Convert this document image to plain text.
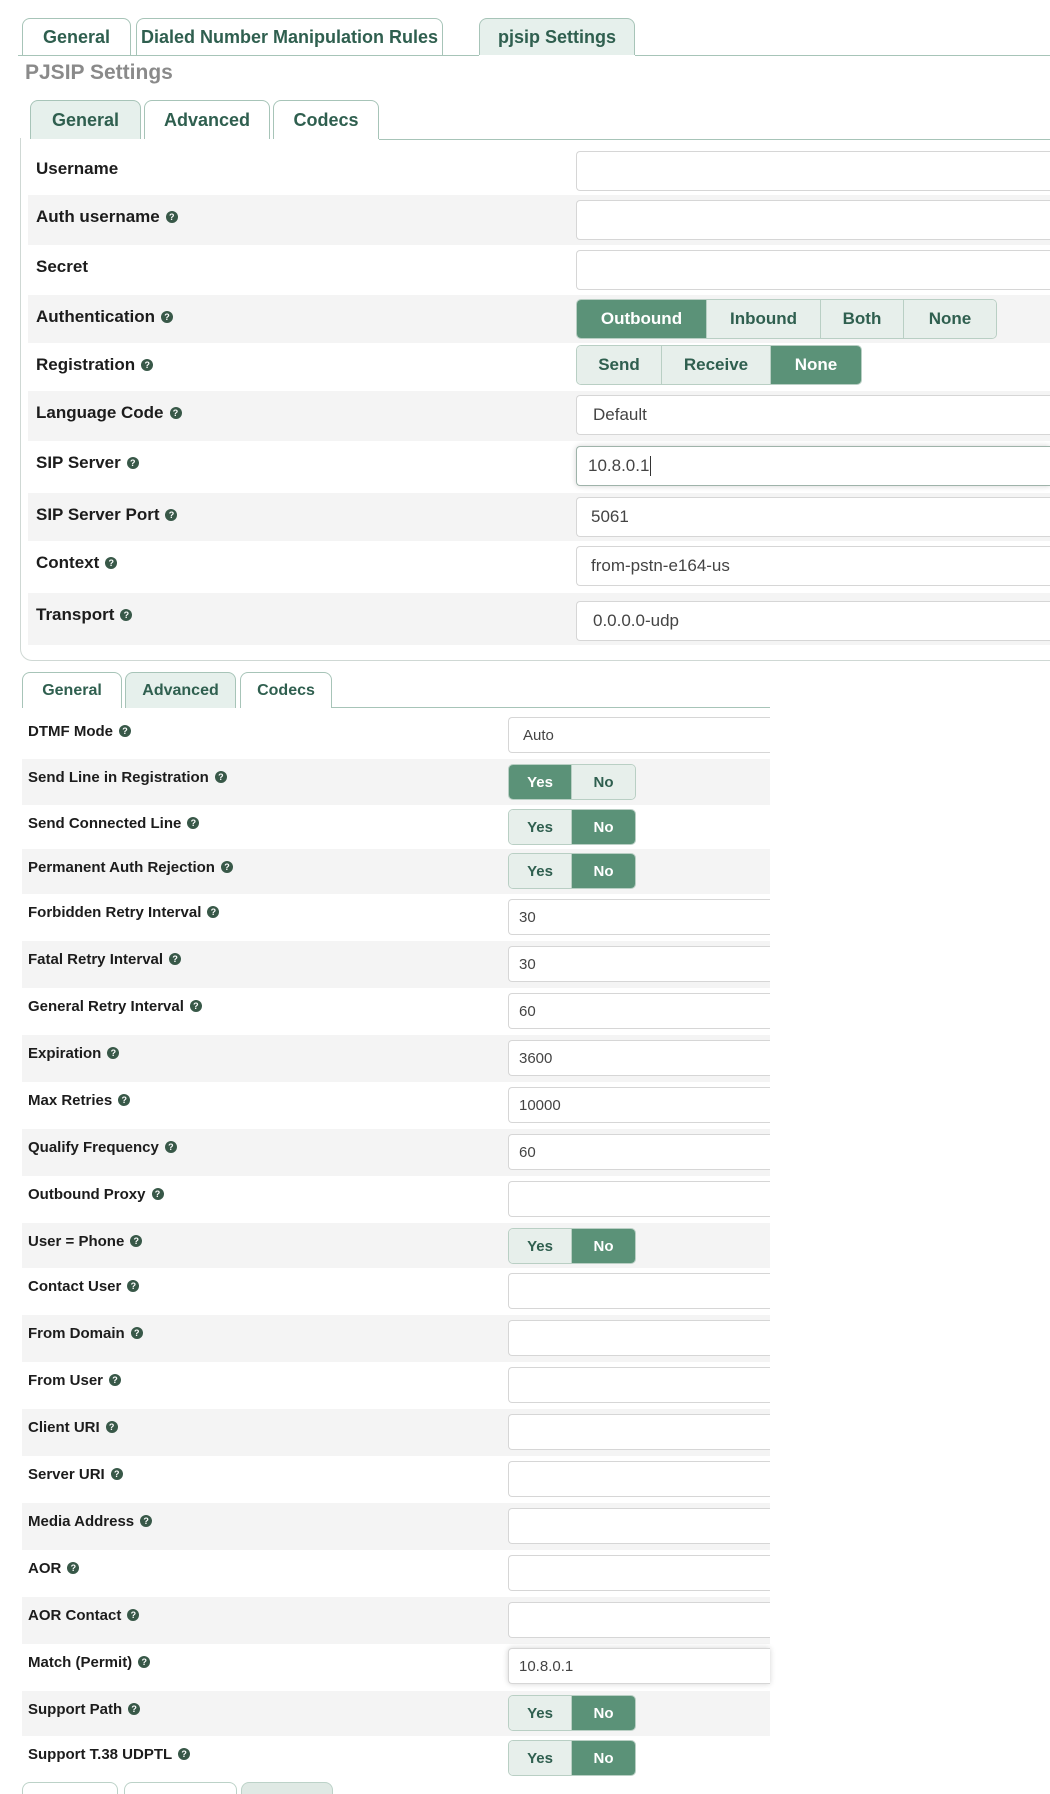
General	Dialed Number Manipulation Rules	pjsip Settings
PJSIP Settings
General	Advanced	Codecs
Username
Auth username ?
Secret
Authentication ?	Outbound	Inbound	Both	None
Registration ?	Send	Receive	None
Language Code ?	Default
SIP Server ?	10.8.0.1
SIP Server Port ?	5061
Context ?	from-pstn-e164-us
Transport ?	0.0.0.0-udp
General	Advanced	Codecs
DTMF Mode ?	Auto
Send Line in Registration ?	Yes	No
Send Connected Line ?	Yes	No
Permanent Auth Rejection ?	Yes	No
Forbidden Retry Interval ?	30
Fatal Retry Interval ?	30
General Retry Interval ?	60
Expiration ?	3600
Max Retries ?	10000
Qualify Frequency ?	60
Outbound Proxy ?
User = Phone ?	Yes	No
Contact User ?
From Domain ?
From User ?
Client URI ?
Server URI ?
Media Address ?
AOR ?
AOR Contact ?
Match (Permit) ?	10.8.0.1
Support Path ?	Yes	No
Support T.38 UDPTL ?	Yes	No
